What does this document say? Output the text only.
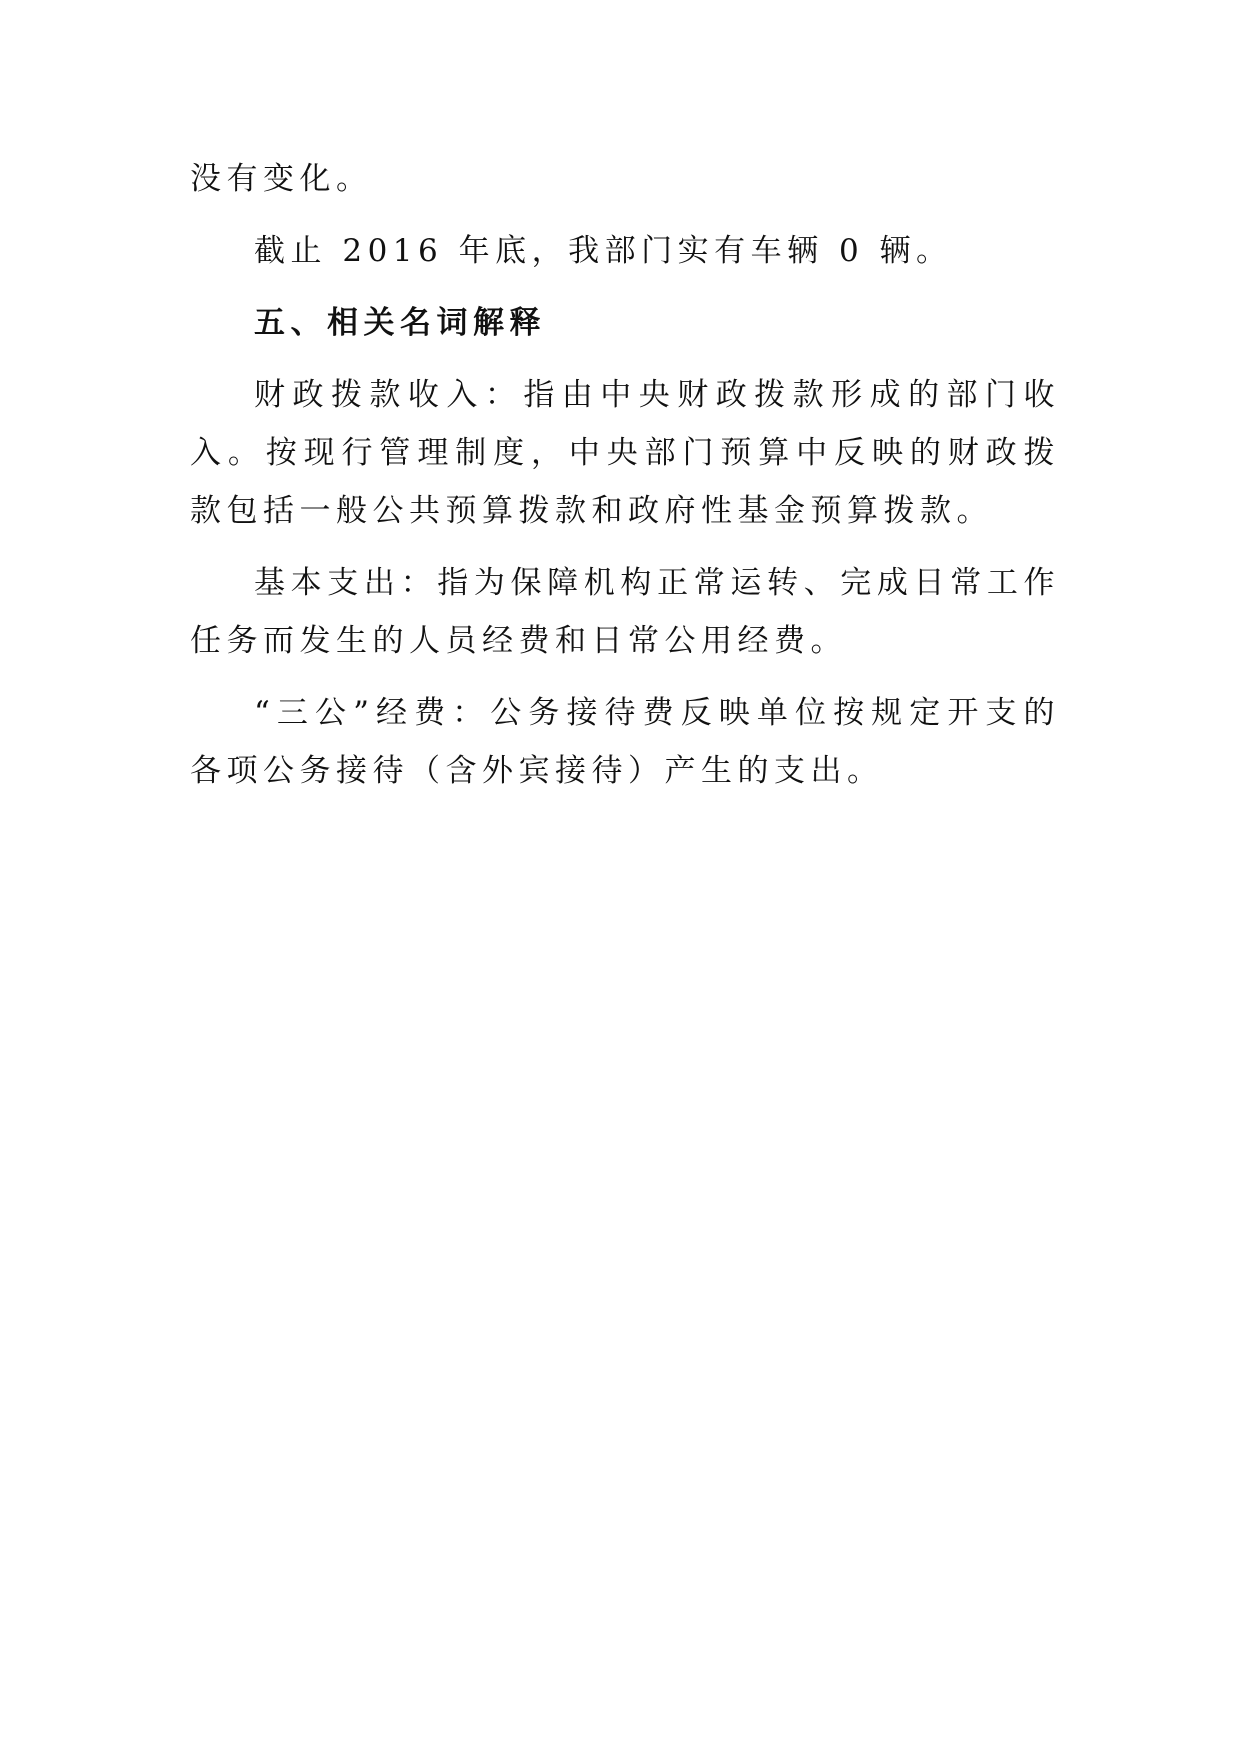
没有变化。

截止 2016 年底，我部门实有车辆 0 辆。

五、相关名词解释

财政拨款收入：指由中央财政拨款形成的部门收入。按现行管理制度，中央部门预算中反映的财政拨款包括一般公共预算拨款和政府性基金预算拨款。

基本支出：指为保障机构正常运转、完成日常工作任务而发生的人员经费和日常公用经费。

“三公”经费：公务接待费反映单位按规定开支的各项公务接待（含外宾接待）产生的支出。
